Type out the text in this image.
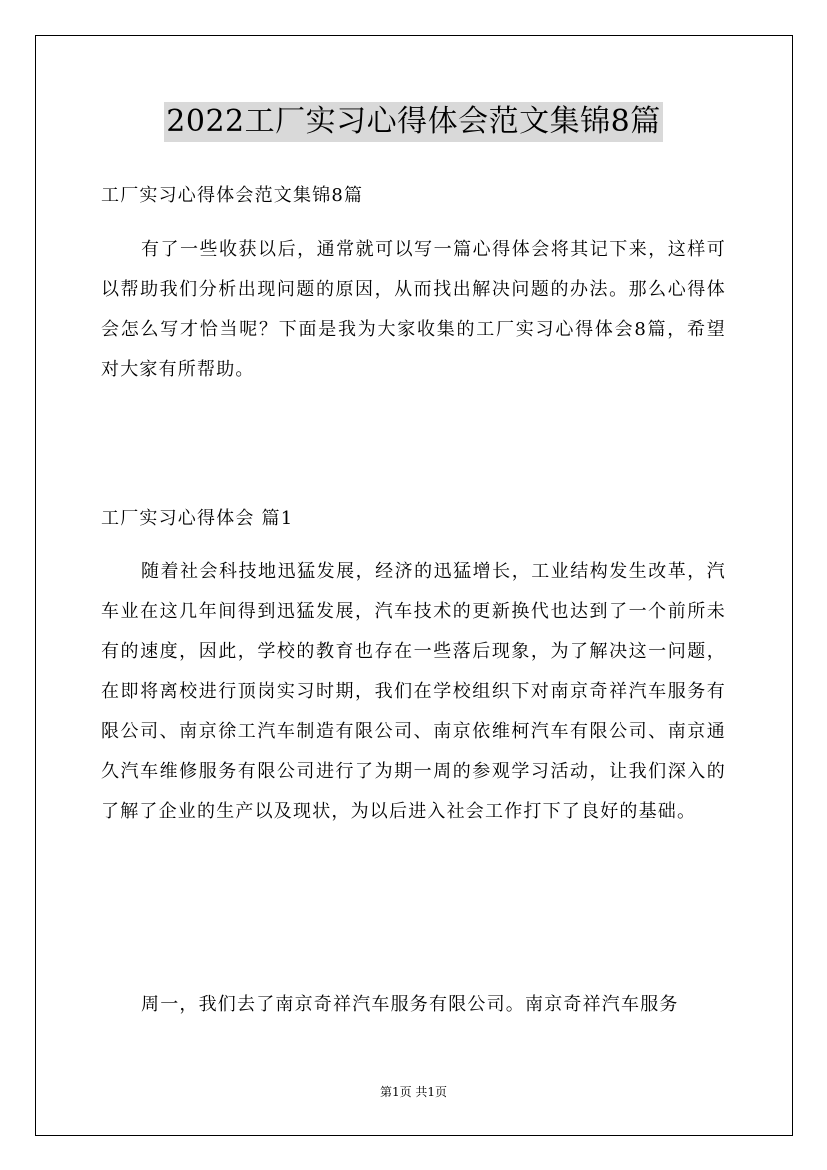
2022工厂实习心得体会范文集锦8篇
工厂实习心得体会范文集锦8篇
有了一些收获以后，通常就可以写一篇心得体会将其记下来，这样可以帮助我们分析出现问题的原因，从而找出解决问题的办法。那么心得体会怎么写才恰当呢？下面是我为大家收集的工厂实习心得体会8篇，希望对大家有所帮助。
工厂实习心得体会 篇1
随着社会科技地迅猛发展，经济的迅猛增长，工业结构发生改革，汽车业在这几年间得到迅猛发展，汽车技术的更新换代也达到了一个前所未有的速度，因此，学校的教育也存在一些落后现象，为了解决这一问题，在即将离校进行顶岗实习时期，我们在学校组织下对南京奇祥汽车服务有限公司、南京徐工汽车制造有限公司、南京依维柯汽车有限公司、南京通久汽车维修服务有限公司进行了为期一周的参观学习活动，让我们深入的了解了企业的生产以及现状，为以后进入社会工作打下了良好的基础。
周一，我们去了南京奇祥汽车服务有限公司。南京奇祥汽车服务
第1页 共1页
